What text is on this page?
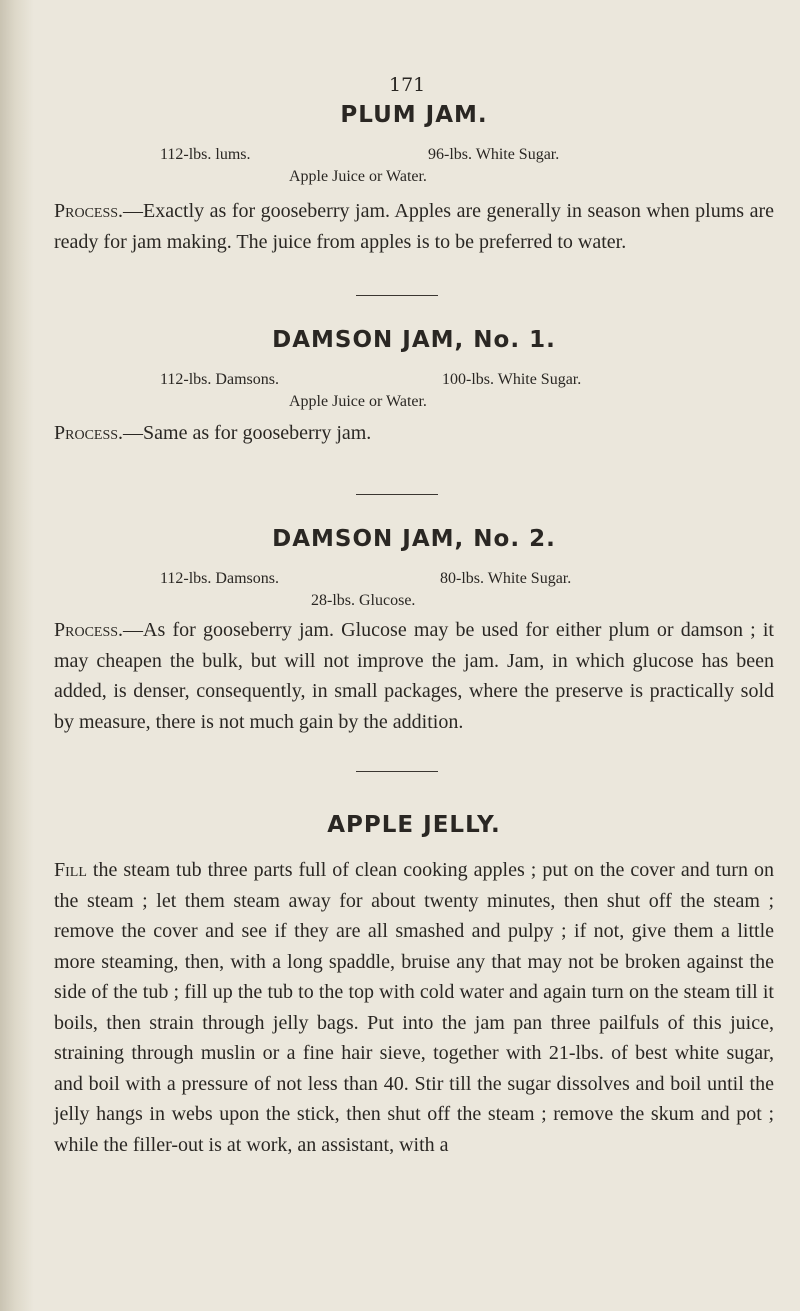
171
PLUM JAM.
112-lbs. lums.	96-lbs. White Sugar.
Apple Juice or Water.
Process.—Exactly as for gooseberry jam. Apples are generally in season when plums are ready for jam making. The juice from apples is to be preferred to water.
DAMSON JAM, No. 1.
112-lbs. Damsons.	100-lbs. White Sugar.
Apple Juice or Water.
Process.—Same as for gooseberry jam.
DAMSON JAM, No. 2.
112-lbs. Damsons.	80-lbs. White Sugar.
28-lbs. Glucose.
Process.—As for gooseberry jam. Glucose may be used for either plum or damson ; it may cheapen the bulk, but will not improve the jam. Jam, in which glucose has been added, is denser, consequently, in small packages, where the preserve is practically sold by measure, there is not much gain by the addition.
APPLE JELLY.
Fill the steam tub three parts full of clean cooking apples ; put on the cover and turn on the steam ; let them steam away for about twenty minutes, then shut off the steam ; remove the cover and see if they are all smashed and pulpy ; if not, give them a little more steaming, then, with a long spaddle, bruise any that may not be broken against the side of the tub ; fill up the tub to the top with cold water and again turn on the steam till it boils, then strain through jelly bags. Put into the jam pan three pailfuls of this juice, straining through muslin or a fine hair sieve, together with 21-lbs. of best white sugar, and boil with a pressure of not less than 40. Stir till the sugar dissolves and boil until the jelly hangs in webs upon the stick, then shut off the steam ; remove the skum and pot ; while the filler-out is at work, an assistant, with a
